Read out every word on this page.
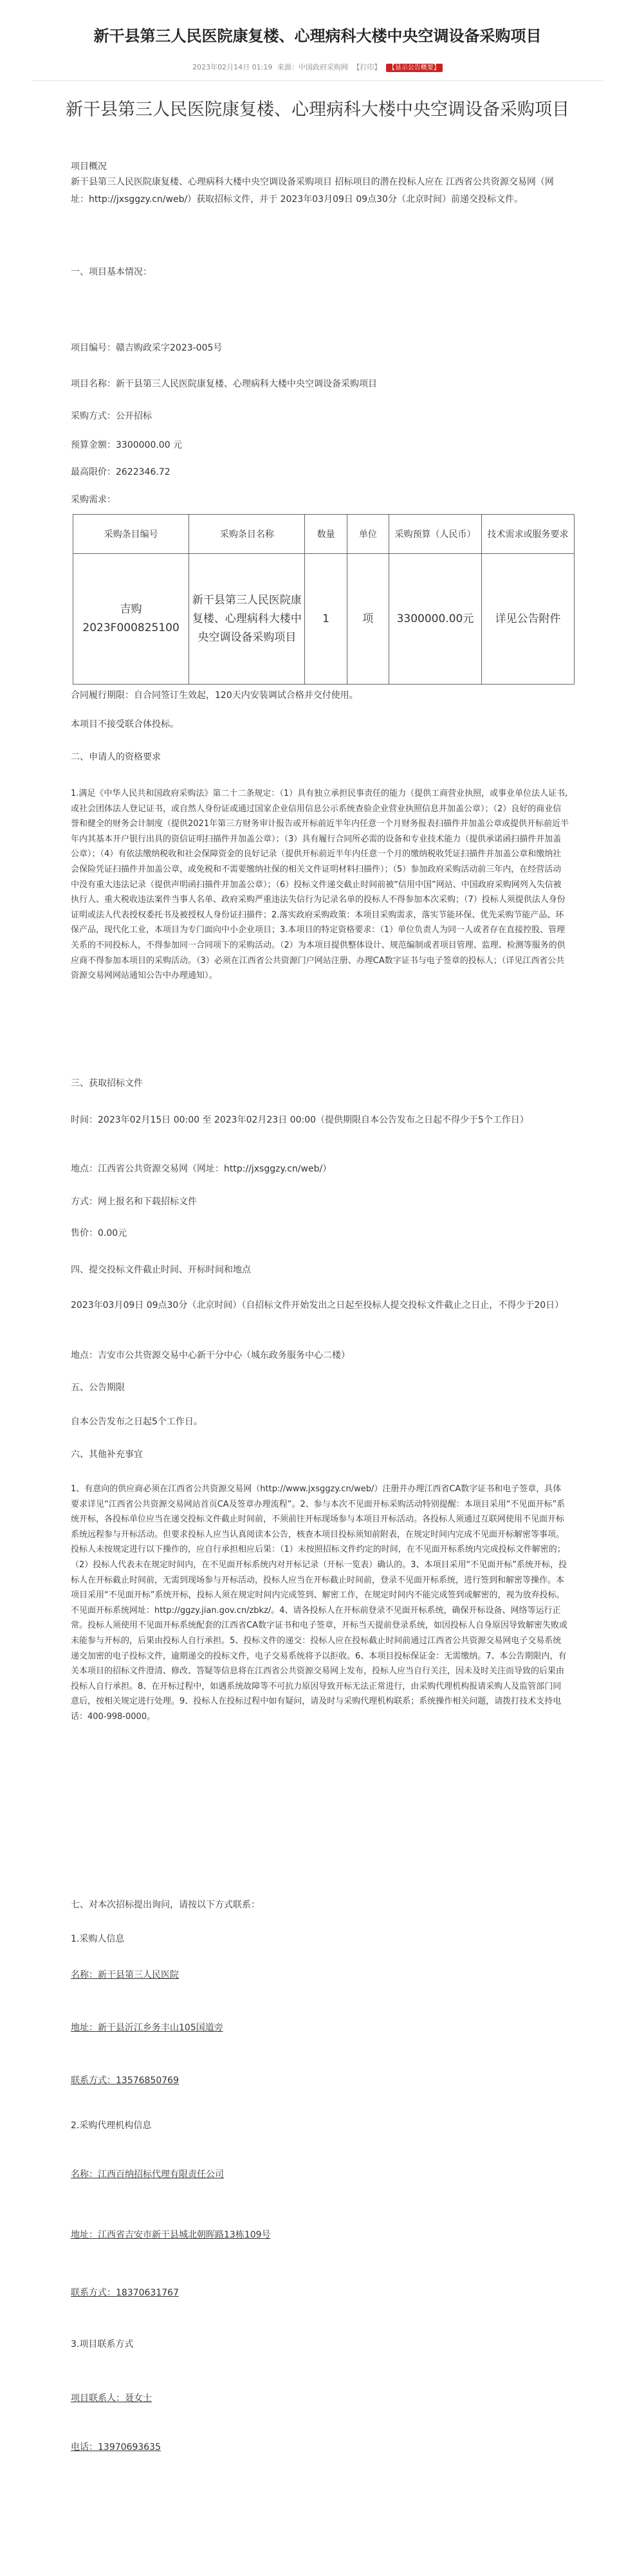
新干县第三人民医院康复楼、心理病科大楼中央空调设备采购项目
2023年02月14日 01:19 来源：中国政府采购网 【打印】 【显示公告概要】
新干县第三人民医院康复楼、心理病科大楼中央空调设备采购项目

项目概况

新干县第三人民医院康复楼、心理病科大楼中央空调设备采购项目 招标项目的潜在投标人应在 江西省公共资源交易网（网址：http://jxsggzy.cn/web/）获取招标文件，并于 2023年03月09日 09点30分（北京时间）前递交投标文件。

一、项目基本情况：

项目编号：赣吉购政采字2023-005号

项目名称：新干县第三人民医院康复楼、心理病科大楼中央空调设备采购项目

采购方式：公开招标

预算金额：3300000.00 元

最高限价：2622346.72

采购需求：

采购条目编号	采购条目名称	数量	单位	采购预算（人民币）	技术需求或服务要求
吉购2023F000825100	新干县第三人民医院康复楼、心理病科大楼中央空调设备采购项目	1	项	3300000.00元	详见公告附件

合同履行期限：自合同签订生效起，120天内安装调试合格并交付使用。

本项目不接受联合体投标。

二、申请人的资格要求

1.满足《中华人民共和国政府采购法》第二十二条规定：（1）具有独立承担民事责任的能力（提供工商营业执照，或事业单位法人证书,或社会团体法人登记证书，或自然人身份证或通过国家企业信用信息公示系统查验企业营业执照信息并加盖公章）；（2）良好的商业信誉和健全的财务会计制度（提供2021年第三方财务审计报告或开标前近半年内任意一个月财务报表扫描件并加盖公章或提供开标前近半年内其基本开户银行出具的资信证明扫描件并加盖公章）；（3）具有履行合同所必需的设备和专业技术能力（提供承诺函扫描件并加盖公章）；（4）有依法缴纳税收和社会保障资金的良好记录（提供开标前近半年内任意一个月的缴纳税收凭证扫描件并加盖公章和缴纳社会保险凭证扫描件并加盖公章，或免税和不需要缴纳社保的相关文件证明材料扫描件）；（5）参加政府采购活动前三年内，在经营活动中没有重大违法记录（提供声明函扫描件并加盖公章）；（6）投标文件递交截止时间前被“信用中国”网站、中国政府采购网列入失信被执行人、重大税收违法案件当事人名单、政府采购严重违法失信行为记录名单的投标人不得参加本次采购；（7）投标人须提供法人身份证明或法人代表授权委托书及被授权人身份证扫描件；2.落实政府采购政策：本项目采购需求，落实节能环保、优先采购节能产品、环保产品，现代化工业，本项目为专门面向中小企业项目；3.本项目的特定资格要求：（1）单位负责人为同一人或者存在直接控股、管理关系的不同投标人，不得参加同一合同项下的采购活动。（2）为本项目提供整体设计、规范编制或者项目管理、监理、检测等服务的供应商不得参加本项目的采购活动。（3）必须在江西省公共资源门户网站注册、办理CA数字证书与电子签章的投标人；（详见江西省公共资源交易网网站通知公告中办理通知）。

三、获取招标文件

时间：2023年02月15日 00:00 至 2023年02月23日 00:00（提供期限自本公告发布之日起不得少于5个工作日）

地点：江西省公共资源交易网（网址：http://jxsggzy.cn/web/）

方式：网上报名和下载招标文件

售价：0.00元

四、提交投标文件截止时间、开标时间和地点

2023年03月09日 09点30分（北京时间）（自招标文件开始发出之日起至投标人提交投标文件截止之日止，不得少于20日）

地点：吉安市公共资源交易中心新干分中心（城东政务服务中心二楼）

五、公告期限

自本公告发布之日起5个工作日。

六、其他补充事宜

1、有意向的供应商必须在江西省公共资源交易网（http://www.jxsggzy.cn/web/）注册并办理江西省CA数字证书和电子签章，具体要求详见“江西省公共资源交易网站首页CA及签章办理流程”。2、参与本次不见面开标采购活动特别提醒：本项目采用“不见面开标”系统开标，各投标单位应当在递交投标文件截止时间前，不须前往开标现场参与本项目开标活动。各投标人须通过互联网使用不见面开标系统远程参与开标活动。但要求投标人应当认真阅读本公告，核查本项目投标须知前附表，在规定时间内完成不见面开标解密等事项。投标人未按规定进行以下操作的，应自行承担相应后果：（1）未按照招标文件约定的时间，在不见面开标系统内完成投标文件解密的；（2）投标人代表未在规定时间内，在不见面开标系统内对开标记录（开标一览表）确认的。3、本项目采用“不见面开标”系统开标，投标人在开标截止时间前，无需到现场参与开标活动，投标人应当在开标截止时间前，登录不见面开标系统，进行签到和解密等操作。本项目采用“不见面开标”系统开标，投标人须在规定时间内完成签到、解密工作，在规定时间内不能完成签到或解密的，视为放弃投标。不见面开标系统网址：http://ggzy.jian.gov.cn/zbkz/。4、请各投标人在开标前登录不见面开标系统，确保开标设备、网络等运行正常。投标人须使用不见面开标系统配套的江西省CA数字证书和电子签章，开标当天提前登录系统，如因投标人自身原因导致解密失败或未能参与开标的，后果由投标人自行承担。5、投标文件的递交：投标人应在投标截止时间前通过江西省公共资源交易网电子交易系统递交加密的电子投标文件，逾期递交的投标文件，电子交易系统将予以拒收。6、本项目投标保证金：无需缴纳。7、本公告期限内，有关本项目的招标文件澄清、修改、答疑等信息将在江西省公共资源交易网上发布，投标人应当自行关注，因未及时关注而导致的后果由投标人自行承担。8、在开标过程中，如遇系统故障等不可抗力原因导致开标无法正常进行，由采购代理机构报请采购人及监管部门同意后，按相关规定进行处理。9、投标人在投标过程中如有疑问，请及时与采购代理机构联系；系统操作相关问题，请拨打技术支持电话：400-998-0000。

七、对本次招标提出询问，请按以下方式联系：

1.采购人信息

名称：新干县第三人民医院

地址：新干县沂江乡务丰山105国道旁

联系方式：13576850769

2.采购代理机构信息

名称：江西百纳招标代理有限责任公司

地址：江西省吉安市新干县城北朝晖路13栋109号

联系方式：18370631767

3.项目联系方式

项目联系人：聂女士

电话：13970693635
